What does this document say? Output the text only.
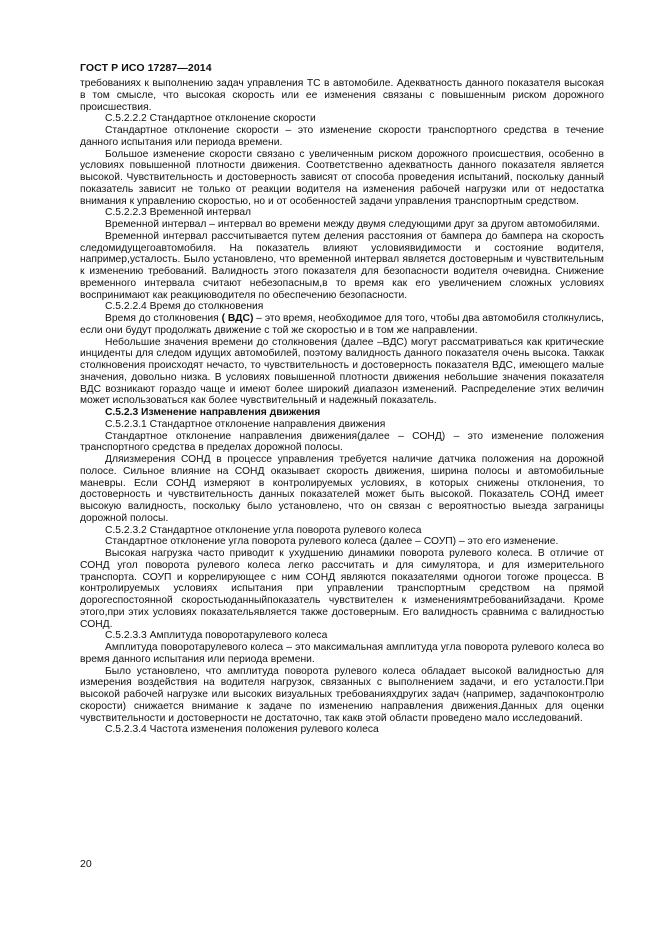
ГОСТ Р ИСО 17287—2014

требованиях к выполнению задач управления ТС в автомобиле. Адекватность данного показателя высокая в том смысле, что высокая скорость или ее изменения связаны с повышенным риском дорожного происшествия.

С.5.2.2.2 Стандартное отклонение скорости

Стандартное отклонение скорости – это изменение скорости транспортного средства в течение данного испытания или периода времени.

Большое изменение скорости связано с увеличенным риском дорожного происшествия, особенно в условиях повышенной плотности движения. Соответственно адекватность данного показателя является высокой. Чувствительность и достоверность зависят от способа проведения испытаний, поскольку данный показатель зависит не только от реакции водителя на изменения рабочей нагрузки или от недостатка внимания к управлению скоростью, но и от особенностей задачи управления транспортным средством.

С.5.2.2.3 Временной интервал

Временной интервал – интервал во времени между двумя следующими друг за другом автомобилями.

Временной интервал рассчитывается путем деления расстояния от бампера до бампера на скорость следомидущегоавтомобиля. На показатель влияют условиявидимости и состояние водителя, например,усталость. Было установлено, что временной интервал является достоверным и чувствительным к изменению требований. Валидность этого показателя для безопасности водителя очевидна. Снижение временного интервала считают небезопасным,в то время как его увеличением сложных условиях воспринимают как реакциюводителя по обеспечению безопасности.

С.5.2.2.4 Время до столкновения

Время до столкновения ( ВДС) – это время, необходимое для того, чтобы два автомобиля столкнулись, если они будут продолжать движение с той же скоростью и в том же направлении.

Небольшие значения времени до столкновения (далее –ВДС) могут рассматриваться как критические инциденты для следом идущих автомобилей, поэтому валидность данного показателя очень высока. Таккак столкновения происходят нечасто, то чувствительность и достоверность показателя ВДС, имеющего малые значения, довольно низка. В условиях повышенной плотности движения небольшие значения показателя ВДС возникают гораздо чаще и имеют более широкий диапазон изменений. Распределение этих величин может использоваться как более чувствительный и надежный показатель.

С.5.2.3 Изменение направления движения

С.5.2.3.1 Стандартное отклонение направления движения

Стандартное отклонение направления движения(далее – СОНД) – это изменение положения транспортного средства в пределах дорожной полосы.

Дляизмерения СОНД в процессе управления требуется наличие датчика положения на дорожной полосе. Сильное влияние на СОНД оказывает скорость движения, ширина полосы и автомобильные маневры. Если СОНД измеряют в контролируемых условиях, в которых снижены отклонения, то достоверность и чувствительность данных показателей может быть высокой. Показатель СОНД имеет высокую валидность, поскольку было установлено, что он связан с вероятностью выезда заграницы дорожной полосы.

С.5.2.3.2 Стандартное отклонение угла поворота рулевого колеса

Стандартное отклонение угла поворота рулевого колеса (далее – СОУП) – это его изменение.

Высокая нагрузка часто приводит к ухудшению динамики поворота рулевого колеса. В отличие от СОНД угол поворота рулевого колеса легко рассчитать и для симулятора, и для измерительного транспорта. СОУП и коррелирующее с ним СОНД являются показателями одногои тогоже процесса. В контролируемых условиях испытания при управлении транспортным средством на прямой дорогеспостоянной скоростьюданныйпоказатель чувствителен к изменениямтребованийзадачи. Кроме этого,при этих условиях показательявляется также достоверным. Его валидность сравнима с валидностью СОНД.

С.5.2.3.3 Амплитуда поворотарулевого колеса

Амплитуда поворотарулевого колеса – это максимальная амплитуда угла поворота рулевого колеса во время данного испытания или периода времени.

Было установлено, что амплитуда поворота рулевого колеса обладает высокой валидностью для измерения воздействия на водителя нагрузок, связанных с выполнением задачи, и его усталости.При высокой рабочей нагрузке или высоких визуальных требованияхдругих задач (например, задачпоконтролю скорости) снижается внимание к задаче по изменению направления движения.Данных для оценки чувствительности и достоверности не достаточно, так какв этой области проведено мало исследований.

С.5.2.3.4 Частота изменения положения рулевого колеса

20
